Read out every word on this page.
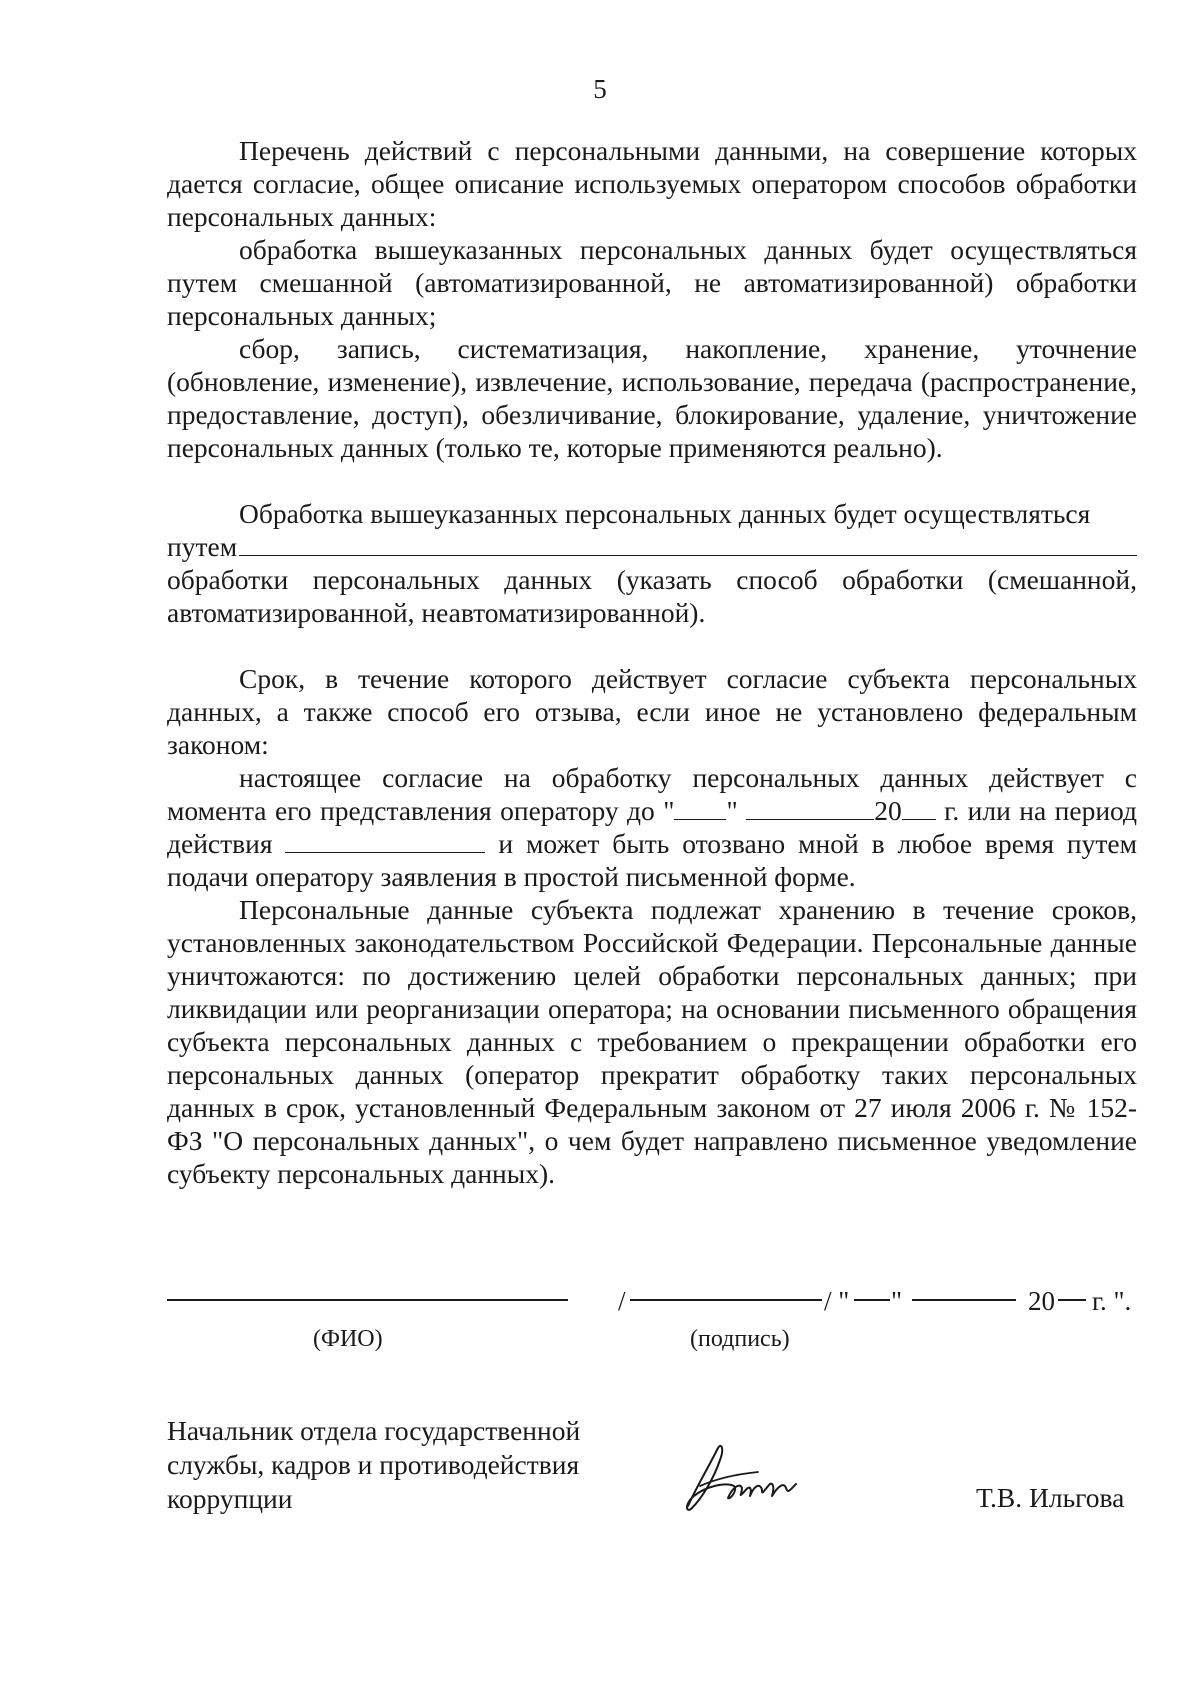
5

Перечень действий с персональными данными, на совершение которых дается согласие, общее описание используемых оператором способов обработки персональных данных:

обработка вышеуказанных персональных данных будет осуществляться путем смешанной (автоматизированной, не автоматизированной) обработки персональных данных;

сбор, запись, систематизация, накопление, хранение, уточнение (обновление, изменение), извлечение, использование, передача (распространение, предоставление, доступ), обезличивание, блокирование, удаление, уничтожение персональных данных (только те, которые применяются реально).

Обработка вышеуказанных персональных данных будет осуществляться

путем

обработки персональных данных (указать способ обработки (смешанной, автоматизированной, неавтоматизированной).

Срок, в течение которого действует согласие субъекта персональных данных, а также способ его отзыва, если иное не установлено федеральным законом:

настоящее согласие на обработку персональных данных действует с момента его представления оператору до " "	20 г. или на период действия	и может быть отозвано мной в любое время путем подачи оператору заявления в простой письменной форме.

Персональные данные субъекта подлежат хранению в течение сроков, установленных законодательством Российской Федерации. Персональные данные уничтожаются: по достижению целей обработки персональных данных; при ликвидации или реорганизации оператора; на основании письменного обращения субъекта персональных данных с требованием о прекращении обработки его персональных данных (оператор прекратит обработку таких персональных данных в срок, установленный Федеральным законом от 27 июля 2006 г. № 152-ФЗ "О персональных данных", о чем будет направлено письменное уведомление субъекту персональных данных).

(ФИО)
/	/ " "	20 г. ".
(подпись)
Начальник отдела государственной
службы, кадров и противодействия
коррупции	Т.В. Ильгова
